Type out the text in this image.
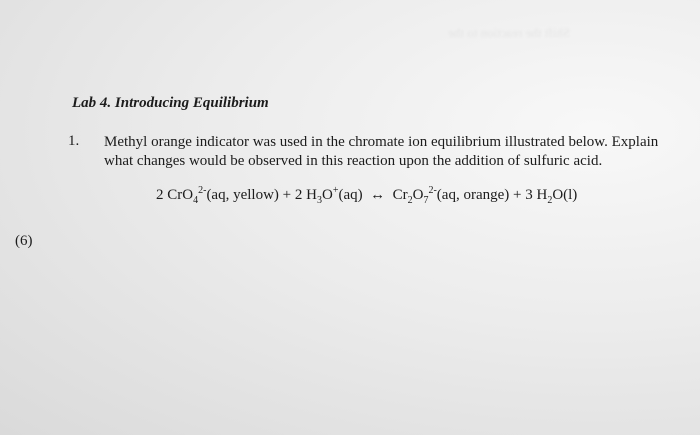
Shift the reaction to the

Lab 4. Introducing Equilibrium
1. Methyl orange indicator was used in the chromate ion equilibrium illustrated below. Explain
what changes would be observed in this reaction upon the addition of sulfuric acid.
2 CrO$_4^{2-}$(aq, yellow) + 2 $H_3O^+(aq)$ ↔ $Cr_2O_7^{2-}(aq$, orange) + 3 $H_2O(l)$
(6)
